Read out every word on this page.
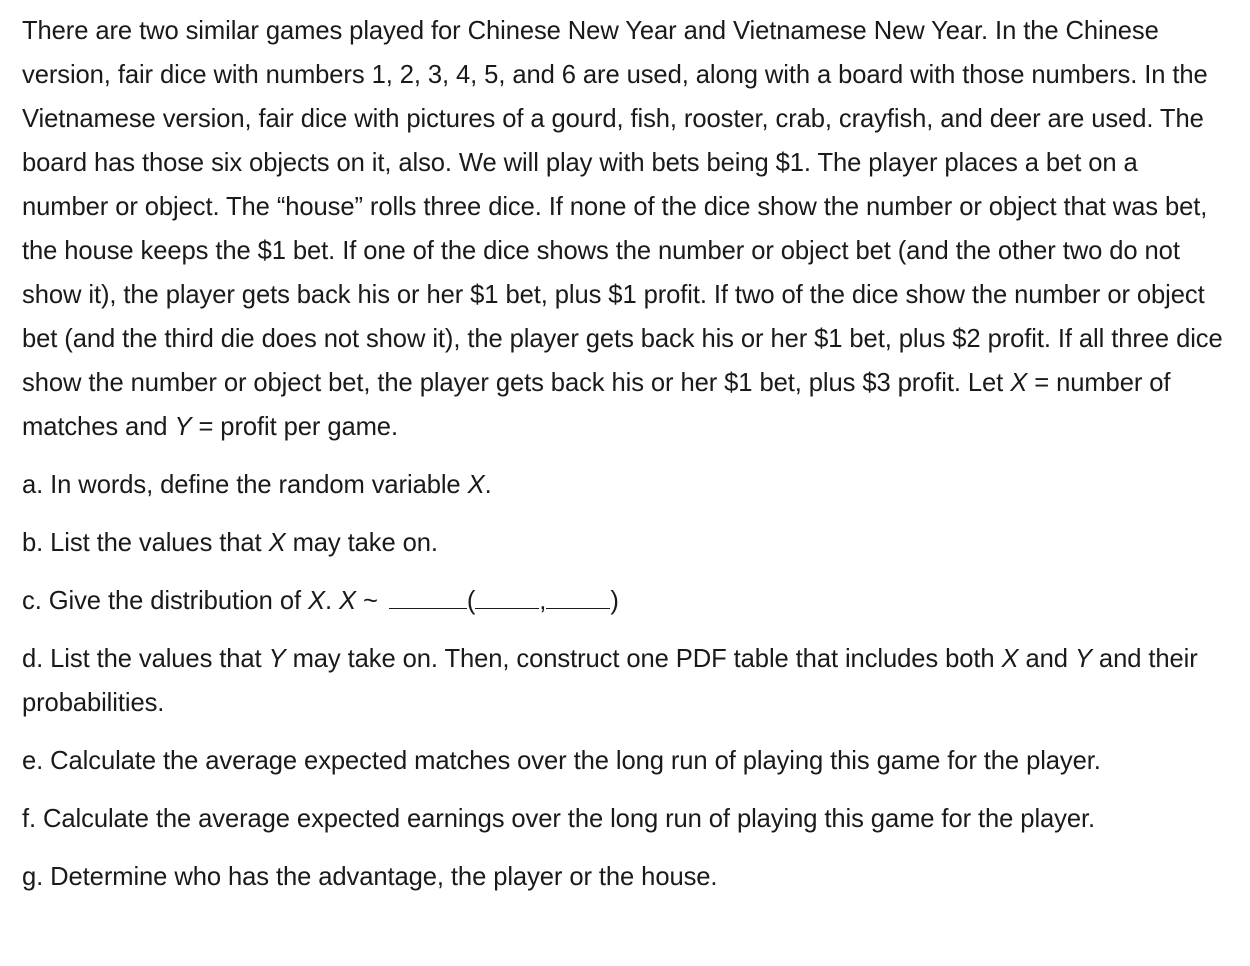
There are two similar games played for Chinese New Year and Vietnamese New Year. In the Chinese version, fair dice with numbers 1, 2, 3, 4, 5, and 6 are used, along with a board with those numbers. In the Vietnamese version, fair dice with pictures of a gourd, fish, rooster, crab, crayfish, and deer are used. The board has those six objects on it, also. We will play with bets being $1. The player places a bet on a number or object. The “house” rolls three dice. If none of the dice show the number or object that was bet, the house keeps the $1 bet. If one of the dice shows the number or object bet (and the other two do not show it), the player gets back his or her $1 bet, plus $1 profit. If two of the dice show the number or object bet (and the third die does not show it), the player gets back his or her $1 bet, plus $2 profit. If all three dice show the number or object bet, the player gets back his or her $1 bet, plus $3 profit. Let X = number of matches and Y = profit per game.

a. In words, define the random variable X.

b. List the values that X may take on.

c. Give the distribution of X. X ~	(	,	)

d. List the values that Y may take on. Then, construct one PDF table that includes both X and Y and their probabilities.

e. Calculate the average expected matches over the long run of playing this game for the player.

f. Calculate the average expected earnings over the long run of playing this game for the player.

g. Determine who has the advantage, the player or the house.
